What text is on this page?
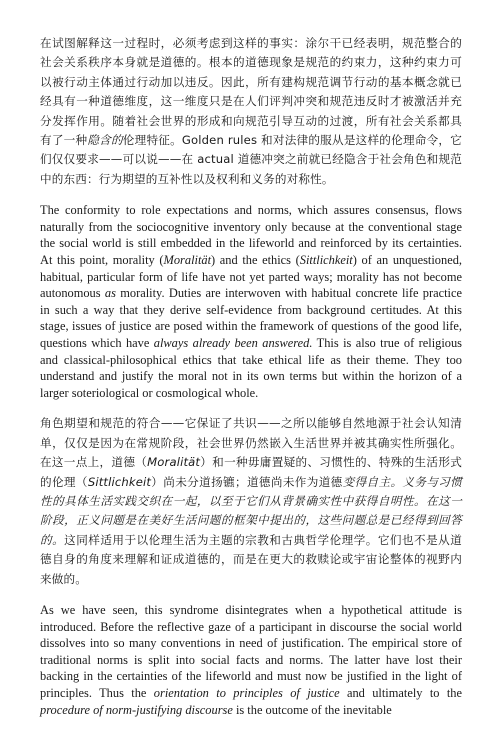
在试图解释这一过程时，必须考虑到这样的事实：涂尔干已经表明，规范整合的社会关系秩序本身就是道德的。根本的道德现象是规范的约束力，这种约束力可以被行动主体通过行动加以违反。因此，所有建构规范调节行动的基本概念就已经具有一种道德维度，这一维度只是在人们评判冲突和规范违反时才被激活并充分发挥作用。随着社会世界的形成和向规范引导互动的过渡，所有社会关系都具有了一种隐含的伦理特征。Golden rules 和对法律的服从是这样的伦理命令，它们仅仅要求——可以说——在 actual 道德冲突之前就已经隐含于社会角色和规范中的东西：行为期望的互补性以及权利和义务的对称性。

The conformity to role expectations and norms, which assures consensus, flows naturally from the sociocognitive inventory only because at the conventional stage the social world is still embedded in the lifeworld and reinforced by its certainties. At this point, morality (Moralität) and the ethics (Sittlichkeit) of an unquestioned, habitual, particular form of life have not yet parted ways; morality has not become autonomous as morality. Duties are interwoven with habitual concrete life practice in such a way that they derive self-evidence from background certitudes. At this stage, issues of justice are posed within the framework of questions of the good life, questions which have always already been answered. This is also true of religious and classical-philosophical ethics that take ethical life as their theme. They too understand and justify the moral not in its own terms but within the horizon of a larger soteriological or cosmological whole.

角色期望和规范的符合——它保证了共识——之所以能够自然地源于社会认知清单，仅仅是因为在常规阶段，社会世界仍然嵌入生活世界并被其确实性所强化。在这一点上，道德（Moralität）和一种毋庸置疑的、习惯性的、特殊的生活形式的伦理（Sittlichkeit）尚未分道扬镳；道德尚未作为道德变得自主。义务与习惯性的具体生活实践交织在一起，以至于它们从背景确实性中获得自明性。在这一阶段，正义问题是在美好生活问题的框架中提出的，这些问题总是已经得到回答的。这同样适用于以伦理生活为主题的宗教和古典哲学伦理学。它们也不是从道德自身的角度来理解和证成道德的，而是在更大的救赎论或宇宙论整体的视野内来做的。

As we have seen, this syndrome disintegrates when a hypothetical attitude is introduced. Before the reflective gaze of a participant in discourse the social world dissolves into so many conventions in need of justification. The empirical store of traditional norms is split into social facts and norms. The latter have lost their backing in the certainties of the lifeworld and must now be justified in the light of principles. Thus the orientation to principles of justice and ultimately to the procedure of norm-justifying discourse is the outcome of the inevitable
